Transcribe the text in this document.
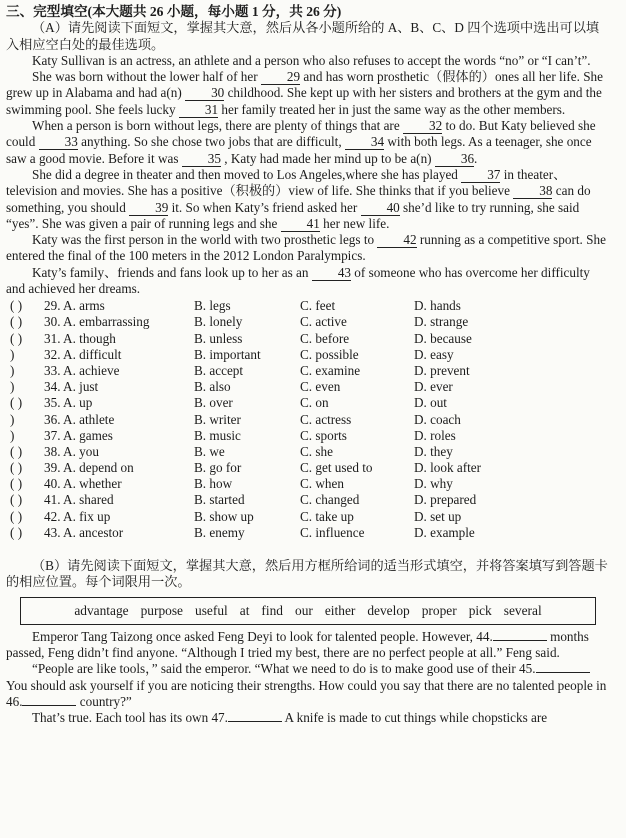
三、完型填空(本大题共 26 小题，每小题 1 分，共 26 分)

（A）请先阅读下面短文，掌握其大意，然后从各小题所给的 A、B、C、D 四个选项中选出可以填入相应空白处的最佳选项。

Katy Sullivan is an actress, an athlete and a person who also refuses to accept the words “no” or “I can’t”.

She was born without the lower half of her 29 and has worn prosthetic（假体的）ones all her life. She grew up in Alabama and had a(n) 30 childhood. She kept up with her sisters and brothers at the gym and the swimming pool. She feels lucky 31 her family treated her in just the same way as the other members.

When a person is born without legs, there are plenty of things that are 32 to do. But Katy believed she could 33 anything. So she chose two jobs that are difficult, 34 with both legs. As a teenager, she once saw a good movie. Before it was 35 , Katy had made her mind up to be a(n) 36.

She did a degree in theater and then moved to Los Angeles,where she has played 37 in theater、television and movies. She has a positive（积极的）view of life. She thinks that if you believe 38 can do something, you should 39 it. So when Katy’s friend asked her 40 she’d like to try running, she said “yes”. She was given a pair of running legs and she 41 her new life.

Katy was the first person in the world with two prosthetic legs to 42 running as a competitive sport. She entered the final of the 100 meters in the 2012 London Paralympics.

Katy’s family、friends and fans look up to her as an 43 of someone who has overcome her difficulty and achieved her dreams.

( )	29. A. arms	B. legs	C. feet	D. hands
( )	30. A. embarrassing	B. lonely	C. active	D. strange
( )	31. A. though	B. unless	C. before	D. because
)	32. A. difficult	B. important	C. possible	D. easy
)	33. A. achieve	B. accept	C. examine	D. prevent
)	34. A. just	B. also	C. even	D. ever
( )	35. A. up	B. over	C. on	D. out
)	36. A. athlete	B. writer	C. actress	D. coach
)	37. A. games	B. music	C. sports	D. roles
( )	38. A. you	B. we	C. she	D. they
( )	39. A. depend on	B. go for	C. get used to	D. look after
( )	40. A. whether	B. how	C. when	D. why
( )	41. A. shared	B. started	C. changed	D. prepared
( )	42. A. fix up	B. show up	C. take up	D. set up
( )	43. A. ancestor	B. enemy	C. influence	D. example

（B）请先阅读下面短文，掌握其大意，然后用方框所给词的适当形式填空，并将答案填写到答题卡的相应位置。每个词限用一次。

advantage purpose useful at find our either develop proper pick several

Emperor Tang Taizong once asked Feng Deyi to look for talented people. However, 44.	months passed, Feng didn’t find anyone. “Although I tried my best, there are no perfect people at all.” Feng said.

“People are like tools，” said the emperor. “What we need to do is to make good use of their 45. You should ask yourself if you are noticing their strengths. How could you say that there are no talented people in 46.	country?”

That’s true. Each tool has its own 47.	A knife is made to cut things while chopsticks are
